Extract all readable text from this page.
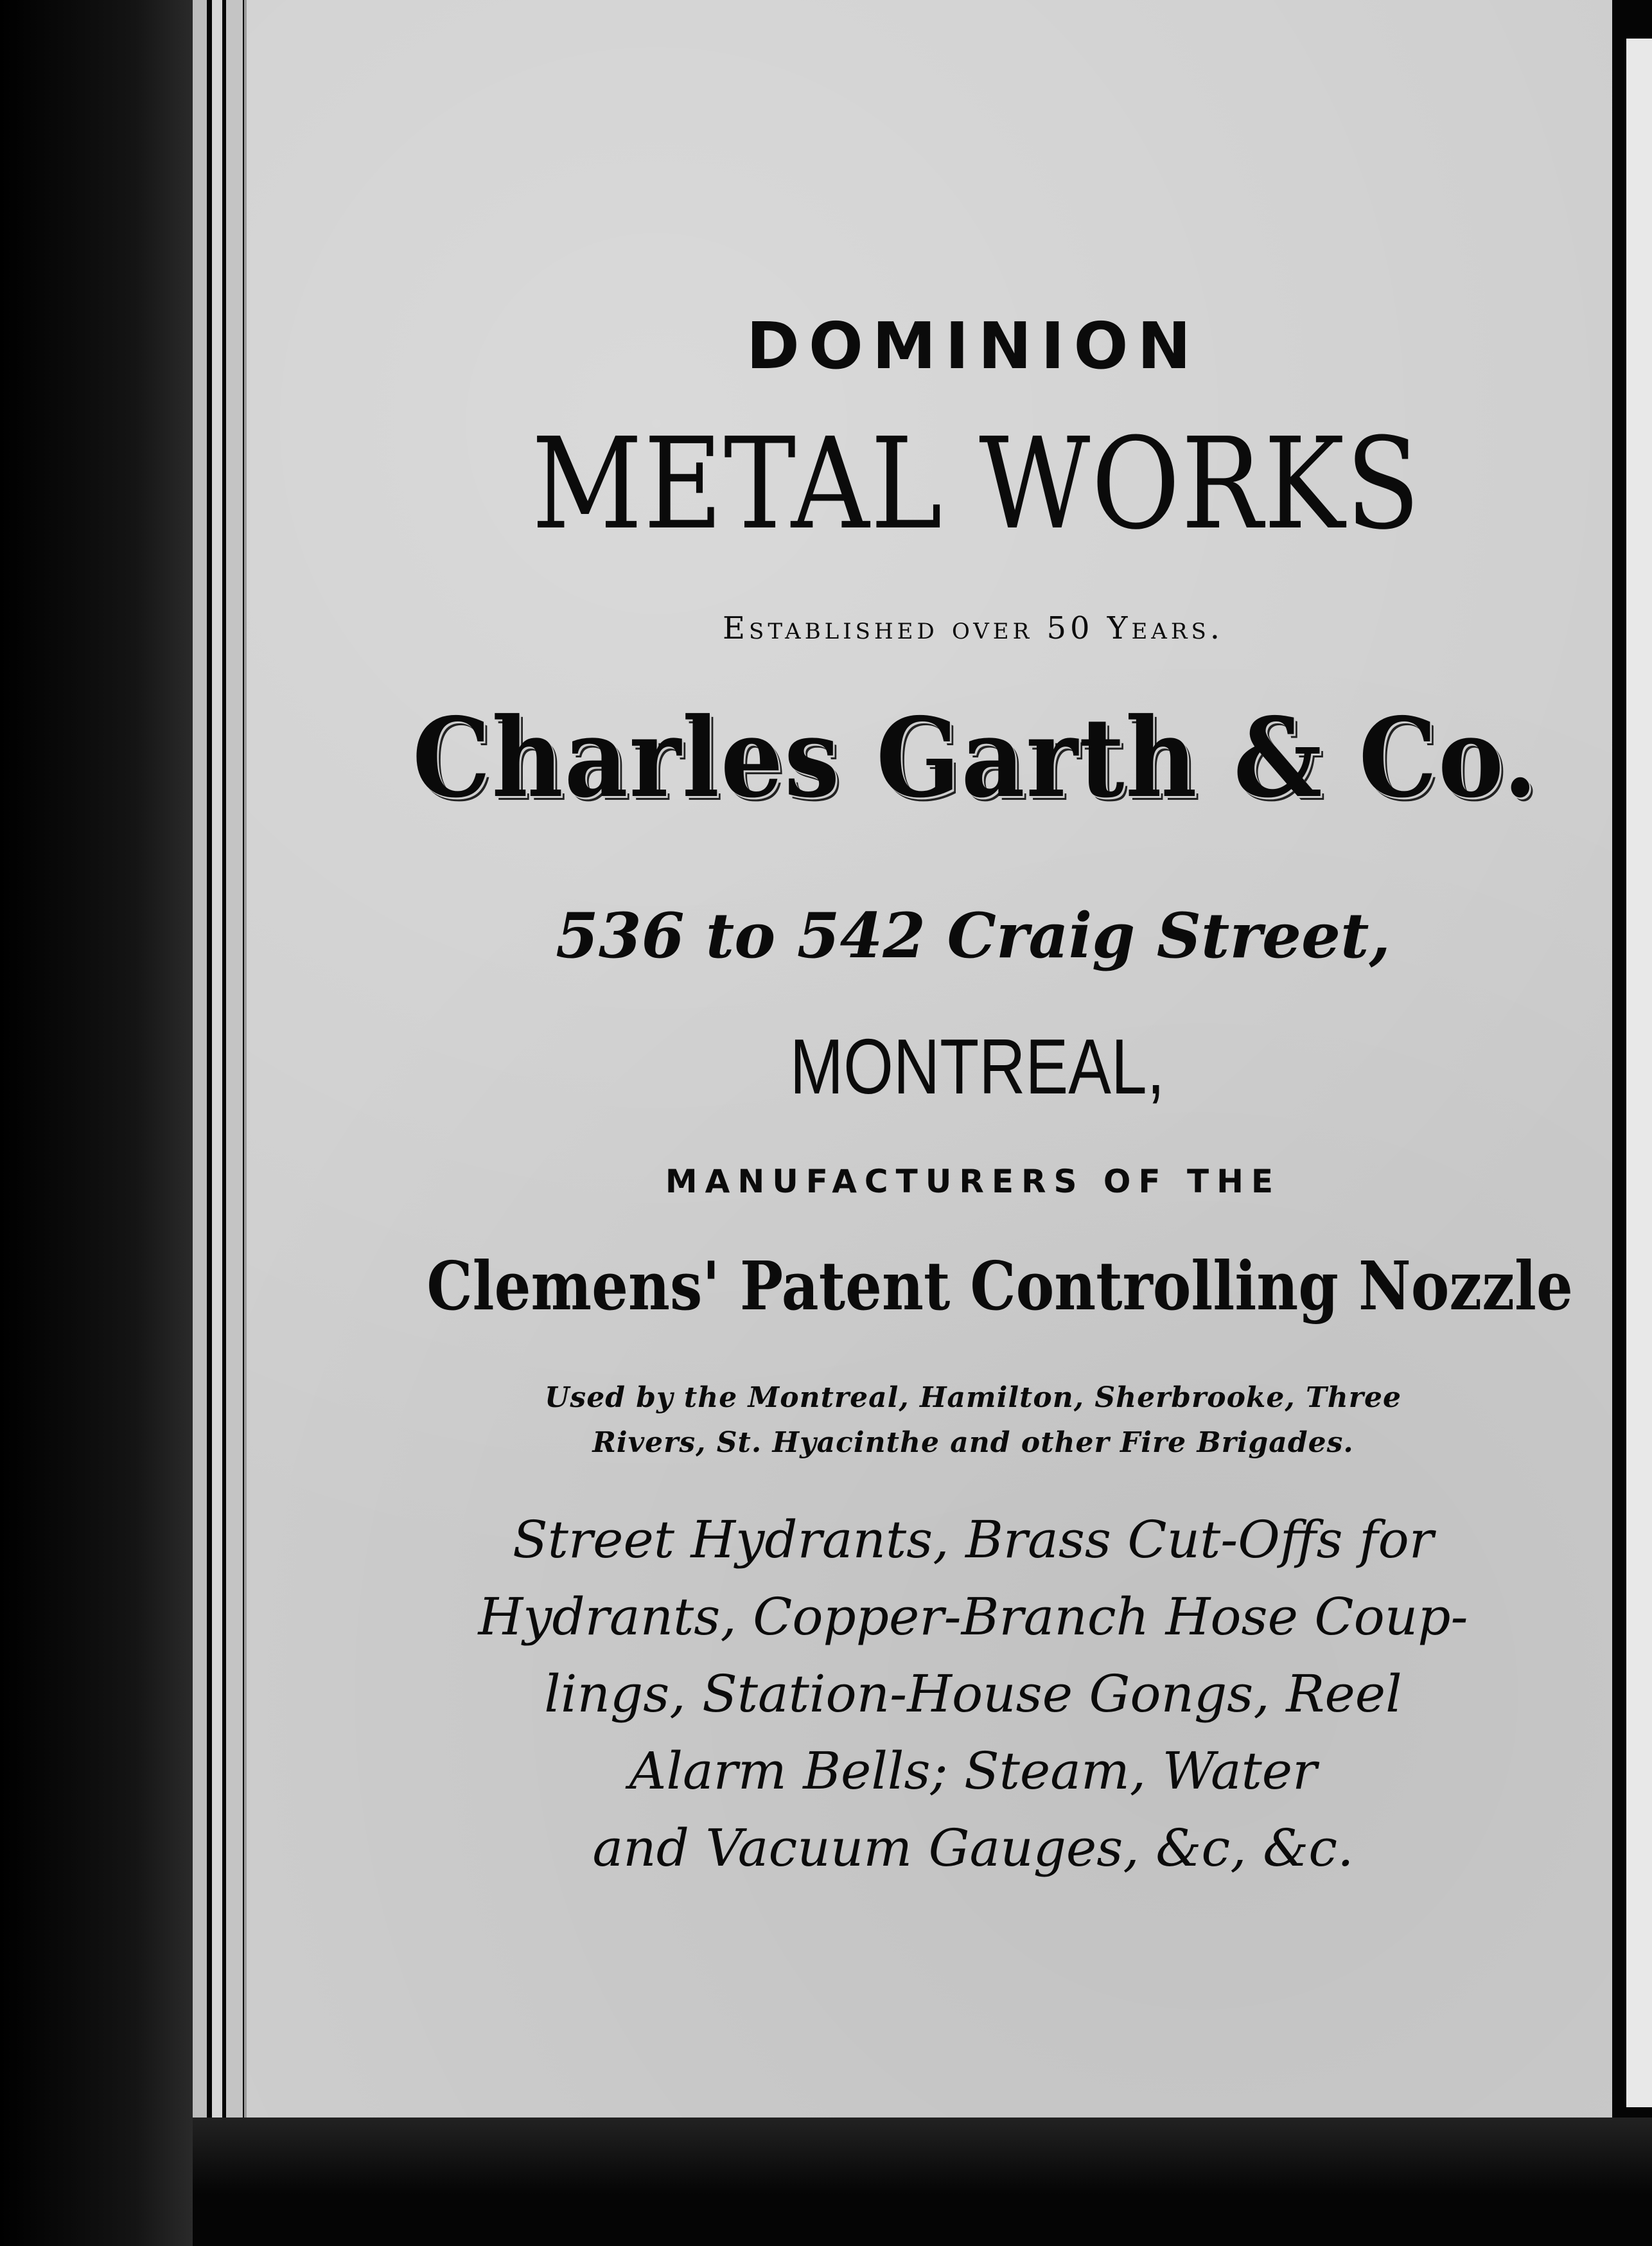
DOMINION
METAL WORKS
Established over 50 Years.
Charles Garth & Co.
536 to 542 Craig Street,
MONTREAL,
MANUFACTURERS OF THE
Clemens' Patent Controlling Nozzle
Used by the Montreal, Hamilton, Sherbrooke, Three
Rivers, St. Hyacinthe and other Fire Brigades.
Street Hydrants, Brass Cut-Offs for
Hydrants, Copper-Branch Hose Coup-
lings, Station-House Gongs, Reel
Alarm Bells; Steam, Water
and Vacuum Gauges, &c, &c.
